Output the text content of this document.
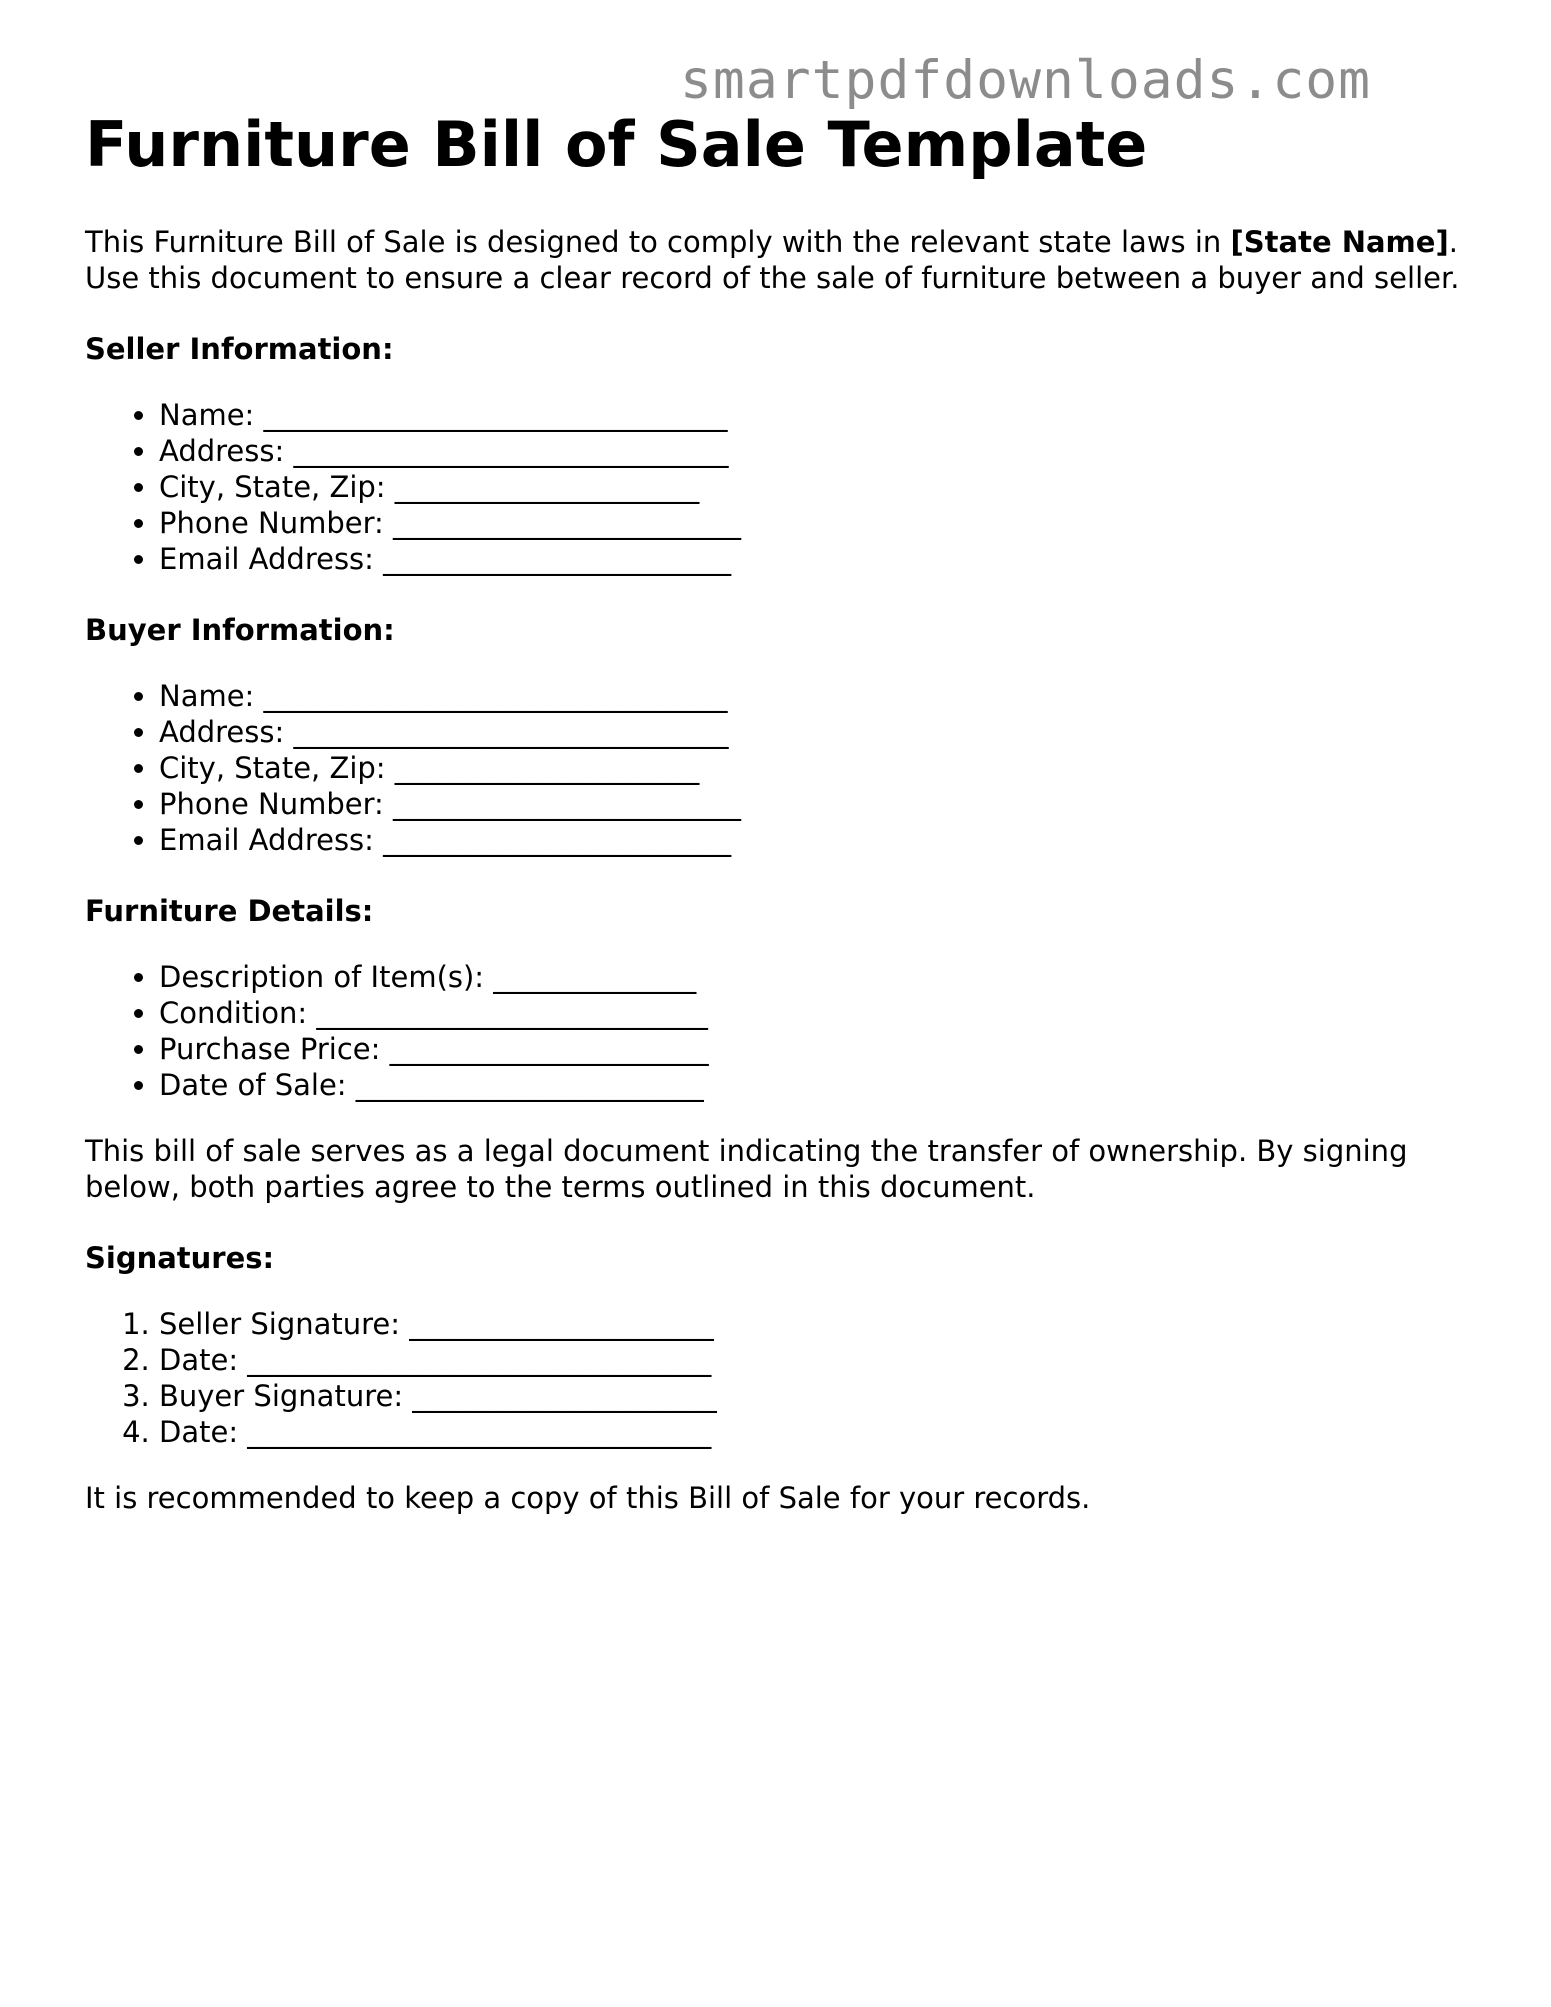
smartpdfdownloads.com
Furniture Bill of Sale Template

This Furniture Bill of Sale is designed to comply with the relevant state laws in [State Name]. Use this document to ensure a clear record of the sale of furniture between a buyer and seller.

Seller Information:
• Name: ________________________________
• Address: ______________________________
• City, State, Zip: _____________________
• Phone Number: ________________________
• Email Address: ________________________
Buyer Information:
• Name: ________________________________
• Address: ______________________________
• City, State, Zip: _____________________
• Phone Number: ________________________
• Email Address: ________________________
Furniture Details:
• Description of Item(s): ______________
• Condition: ___________________________
• Purchase Price: ______________________
• Date of Sale: ________________________

This bill of sale serves as a legal document indicating the transfer of ownership. By signing below, both parties agree to the terms outlined in this document.

Signatures:
1. Seller Signature: _____________________
2. Date: ________________________________
3. Buyer Signature: _____________________
4. Date: ________________________________

It is recommended to keep a copy of this Bill of Sale for your records.
